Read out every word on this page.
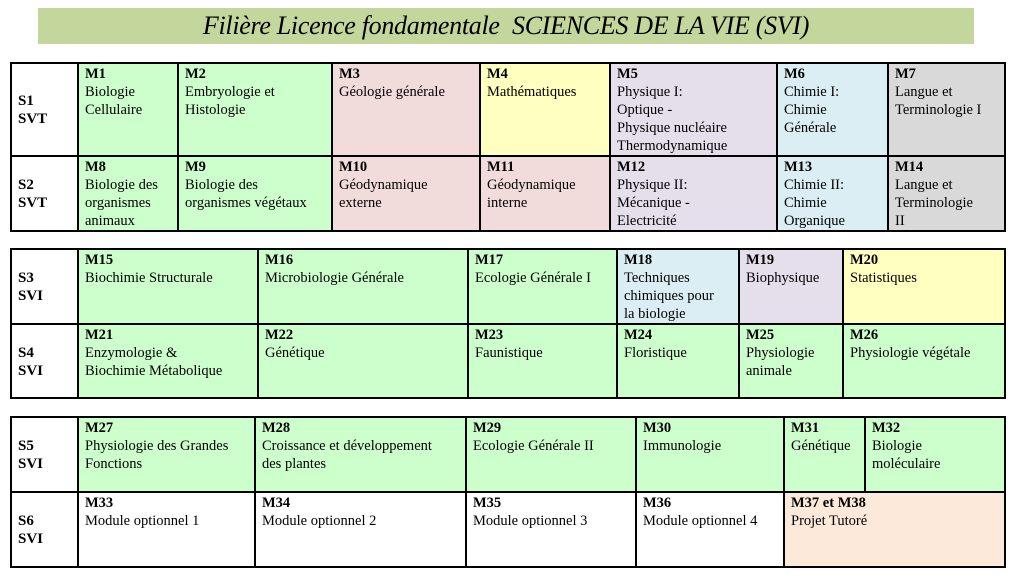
Filière Licence fondamentale  SCIENCES DE LA VIE (SVI)
S1
SVT	M1
Biologie
Cellulaire	M2
Embryologie et
Histologie	M3
Géologie générale	M4
Mathématiques	M5
Physique I:
Optique -
Physique nucléaire
Thermodynamique	M6
Chimie I:
Chimie
Générale	M7
Langue et
Terminologie I

S2
SVT	M8
Biologie des
organismes
animaux	M9
Biologie des
organismes végétaux	M10
Géodynamique
externe	M11
Géodynamique
interne	M12
Physique II:
Mécanique -
Electricité	M13
Chimie II:
Chimie
Organique	M14
Langue et
Terminologie
II
S3
SVI	M15
Biochimie Structurale	M16
Microbiologie Générale	M17
Ecologie Générale I	M18
Techniques
chimiques pour
la biologie	M19
Biophysique	M20
Statistiques

S4
SVI	M21
Enzymologie &
Biochimie Métabolique	M22
Génétique	M23
Faunistique	M24
Floristique	M25
Physiologie
animale	M26
Physiologie végétale
S5
SVI	M27
Physiologie des Grandes
Fonctions	M28
Croissance et développement
des plantes	M29
Ecologie Générale II	M30
Immunologie	M31
Génétique	M32
Biologie
moléculaire

S6
SVI	M33
Module optionnel 1	M34
Module optionnel 2	M35
Module optionnel 3	M36
Module optionnel 4	M37 et M38
Projet Tutoré	
